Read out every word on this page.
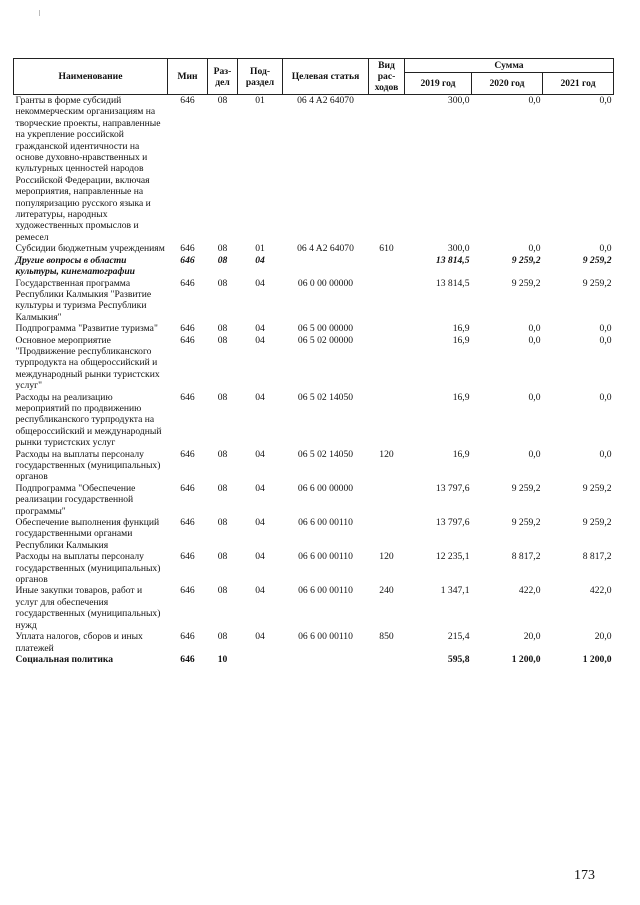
Наименование	Мин	Раз-дел	Под-раздел	Целевая статья	Вид рас-ходов	Сумма		
						2019 год	2020 год	2021 год
Гранты в форме субсидий некоммерческим организациям на творческие проекты, направленные на укрепление российской гражданской идентичности на основе духовно-нравственных и культурных ценностей народов Российской Федерации, включая мероприятия, направленные на популяризацию русского языка и литературы, народных художественных промыслов и ремесел	646	08	01	06 4 A2 64070		300,0	0,0	0,0
Субсидии бюджетным учреждениям	646	08	01	06 4 A2 64070	610	300,0	0,0	0,0
Другие вопросы в области культуры, кинематографии	646	08	04			13 814,5	9 259,2	9 259,2
Государственная программа Республики Калмыкия "Развитие культуры и туризма Республики Калмыкия"	646	08	04	06 0 00 00000		13 814,5	9 259,2	9 259,2
Подпрограмма "Развитие туризма"	646	08	04	06 5 00 00000		16,9	0,0	0,0
Основное мероприятие "Продвижение республиканского турпродукта на общероссийский и международный рынки туристских услуг"	646	08	04	06 5 02 00000		16,9	0,0	0,0
Расходы на реализацию мероприятий по продвижению республиканского турпродукта на общероссийский и международный рынки туристских услуг	646	08	04	06 5 02 14050		16,9	0,0	0,0
Расходы на выплаты персоналу государственных (муниципальных) органов	646	08	04	06 5 02 14050	120	16,9	0,0	0,0
Подпрограмма "Обеспечение реализации государственной программы"	646	08	04	06 6 00 00000		13 797,6	9 259,2	9 259,2
Обеспечение выполнения функций государственными органами Республики Калмыкия	646	08	04	06 6 00 00110		13 797,6	9 259,2	9 259,2
Расходы на выплаты персоналу государственных (муниципальных) органов	646	08	04	06 6 00 00110	120	12 235,1	8 817,2	8 817,2
Иные закупки товаров, работ и услуг для обеспечения государственных (муниципальных) нужд	646	08	04	06 6 00 00110	240	1 347,1	422,0	422,0
Уплата налогов, сборов и иных платежей	646	08	04	06 6 00 00110	850	215,4	20,0	20,0
Социальная политика	646	10				595,8	1 200,0	1 200,0
173
